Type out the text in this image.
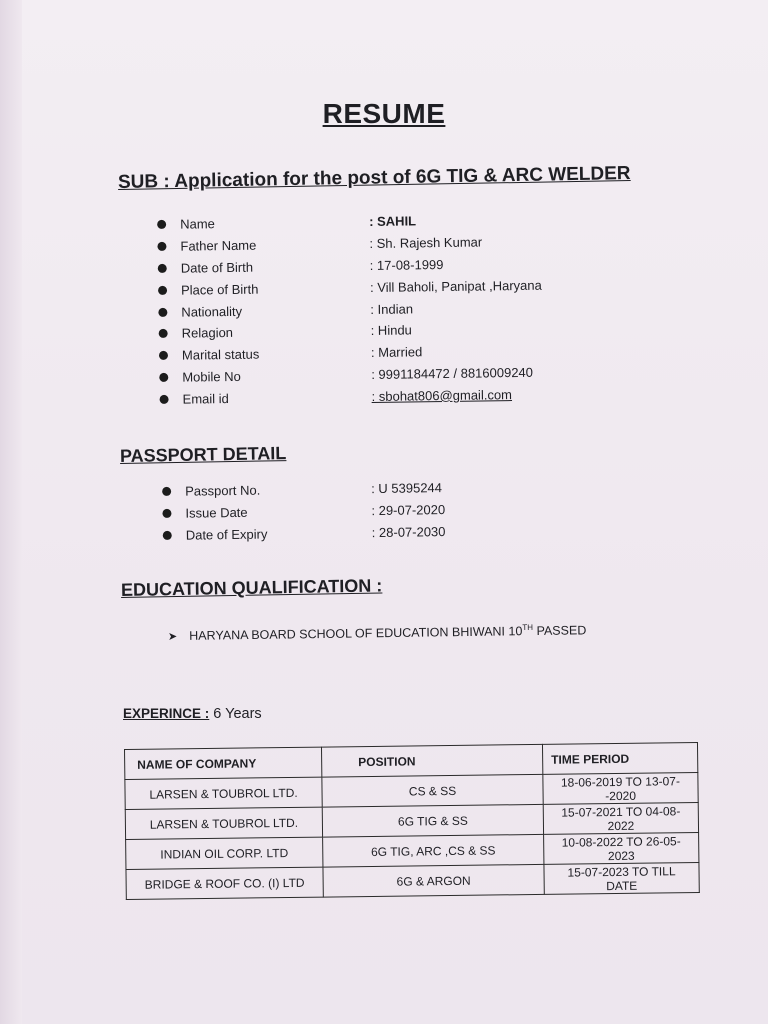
RESUME
SUB : Application for the post of 6G TIG & ARC WELDER
Name	: SAHIL
Father Name	: Sh. Rajesh Kumar
Date of Birth	: 17-08-1999
Place of Birth	: Vill Baholi, Panipat ,Haryana
Nationality	: Indian
Relagion	: Hindu
Marital status	: Married
Mobile No	: 9991184472 / 8816009240
Email id	: sbohat806@gmail.com
PASSPORT DETAIL
Passport No.	: U 5395244
Issue Date	: 29-07-2020
Date of Expiry	: 28-07-2030
EDUCATION QUALIFICATION :
➤ HARYANA BOARD SCHOOL OF EDUCATION BHIWANI 10TH PASSED
EXPERINCE : 6 Years
NAME OF COMPANY	POSITION	TIME PERIOD
LARSEN & TOUBROL LTD.	CS & SS	18-06-2019 TO 13-07--2020
LARSEN & TOUBROL LTD.	6G TIG & SS	15-07-2021 TO 04-08-2022
INDIAN OIL CORP. LTD	6G TIG, ARC ,CS & SS	10-08-2022 TO 26-05-2023
BRIDGE & ROOF CO. (I) LTD	6G & ARGON	15-07-2023 TO TILL DATE
